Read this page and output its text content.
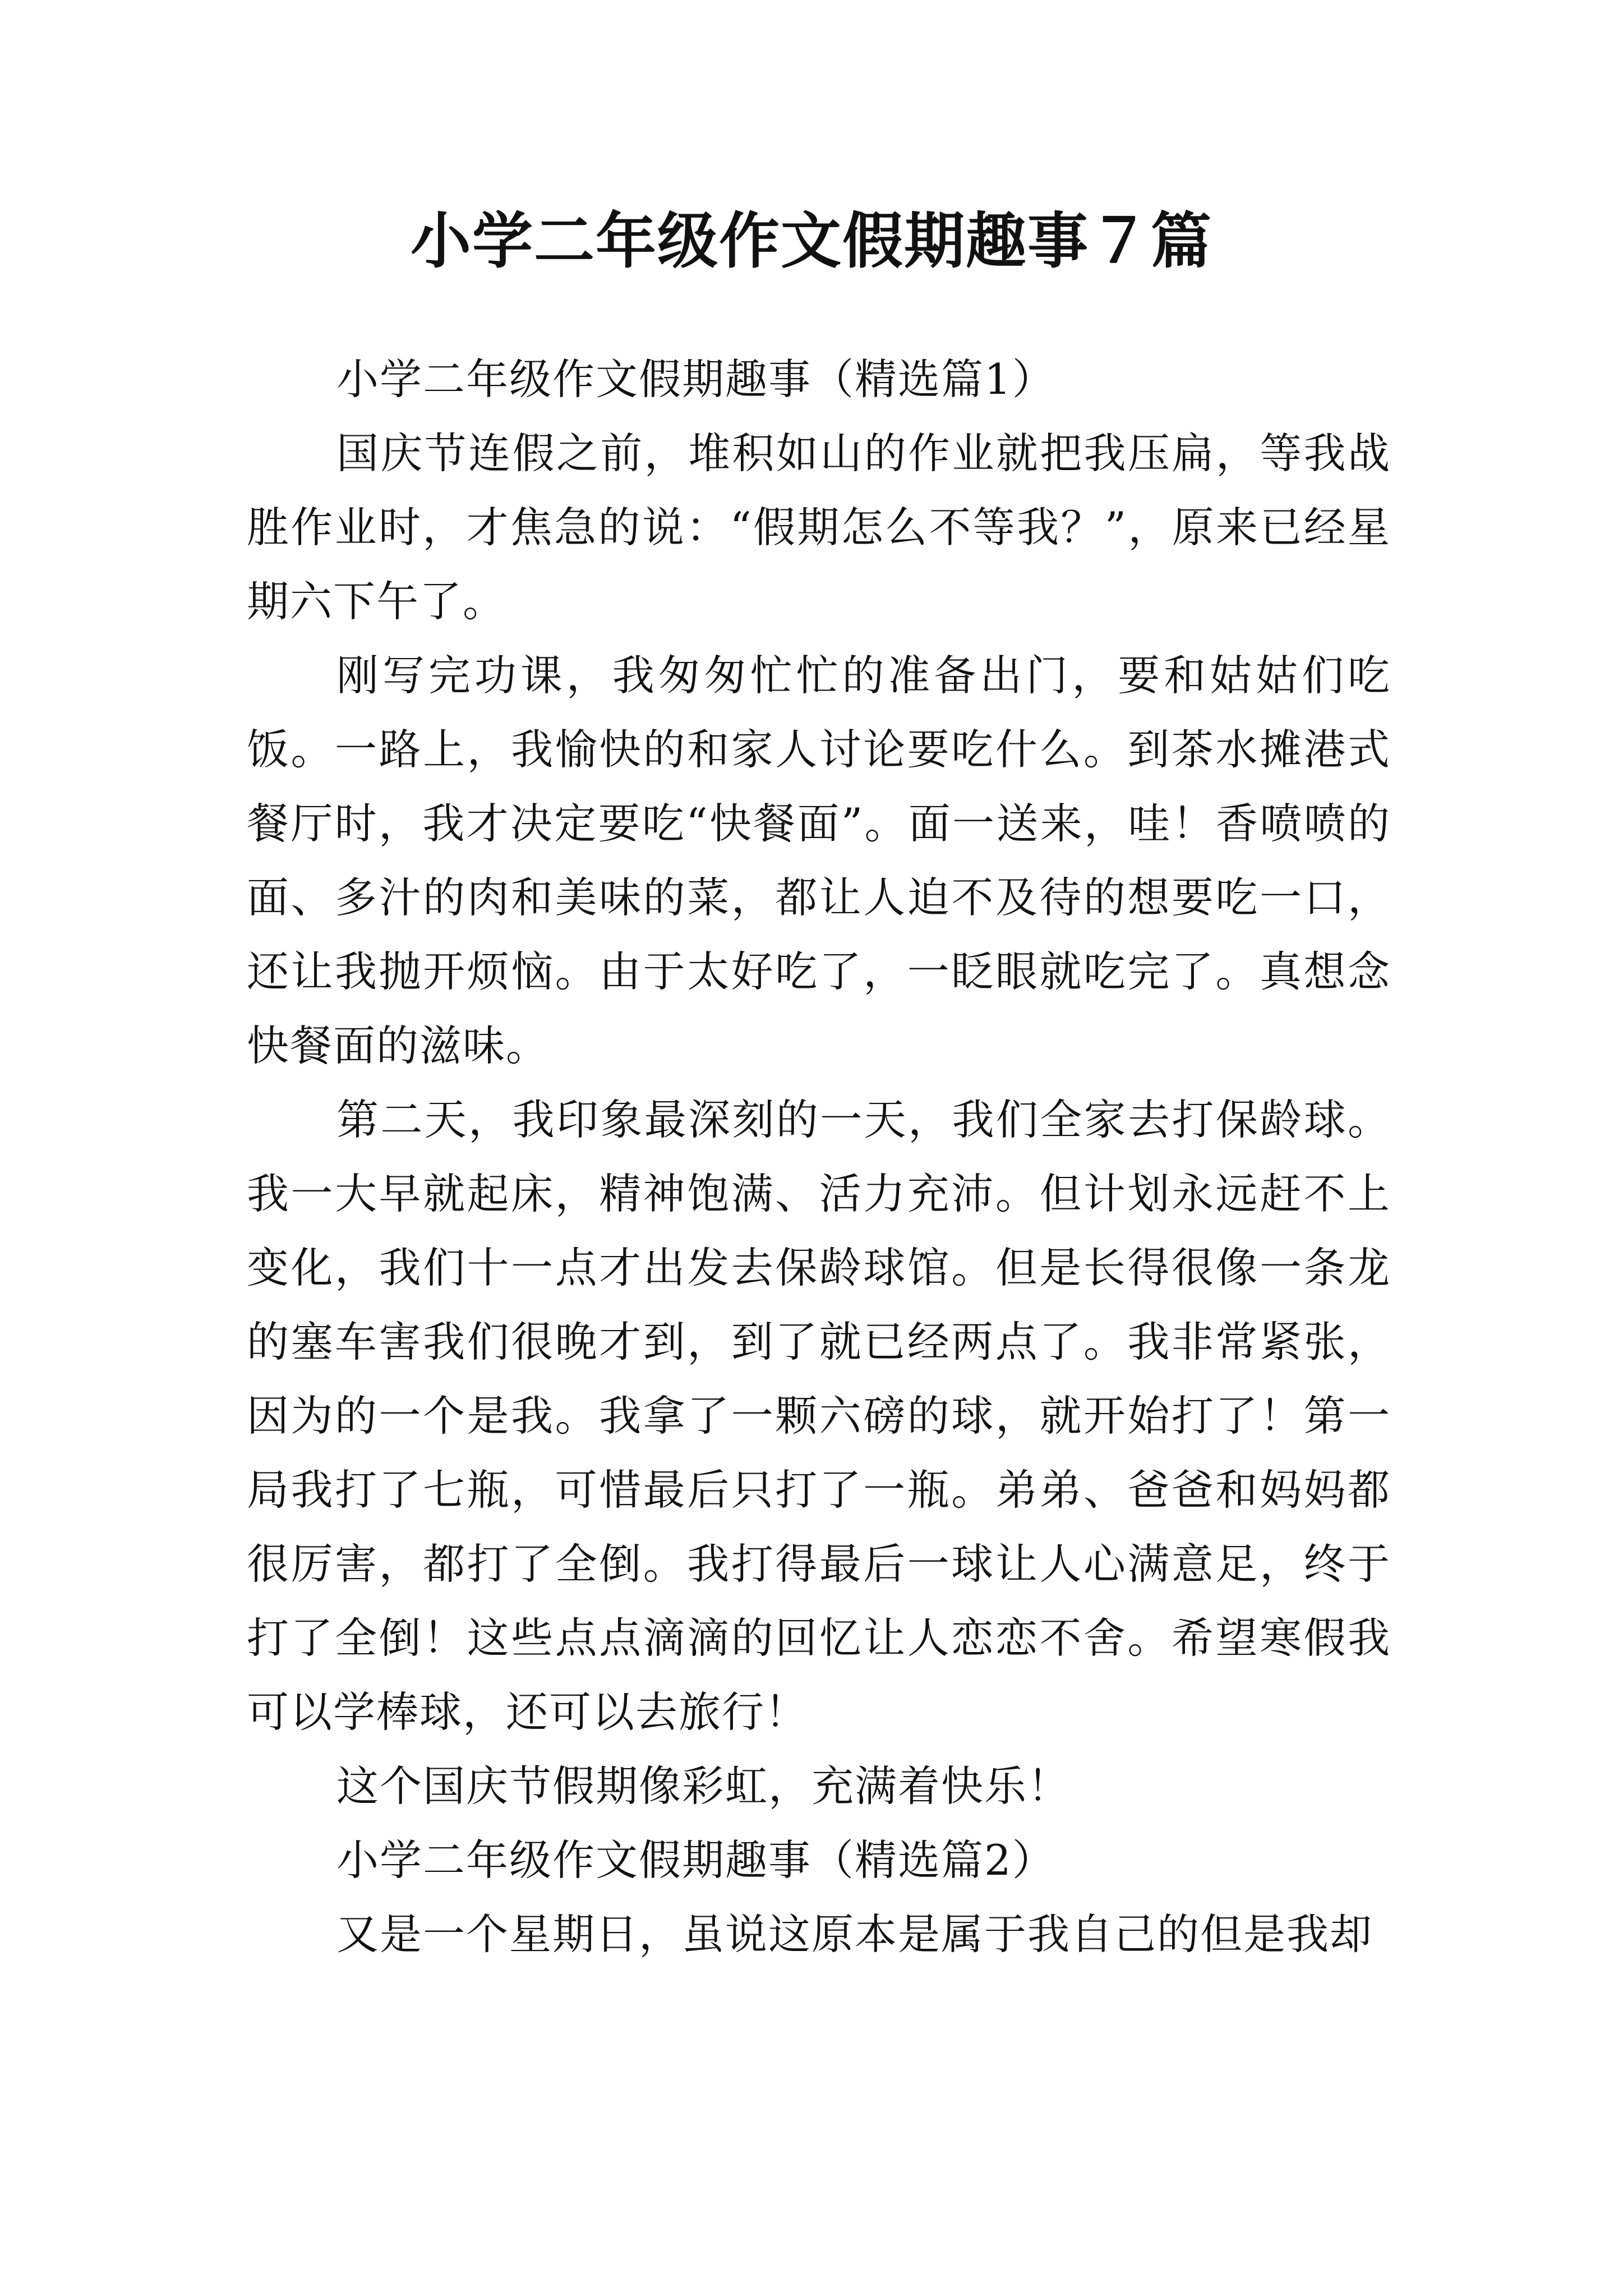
小学二年级作文假期趣事７篇

小学二年级作文假期趣事（精选篇1）

国庆节连假之前，堆积如山的作业就把我压扁，等我战胜作业时，才焦急的说：“假期怎么不等我？”，原来已经星期六下午了。

刚写完功课，我匆匆忙忙的准备出门，要和姑姑们吃饭。一路上，我愉快的和家人讨论要吃什么。到茶水摊港式餐厅时，我才决定要吃“快餐面”。面一送来，哇！香喷喷的面、多汁的肉和美味的菜，都让人迫不及待的想要吃一口，还让我抛开烦恼。由于太好吃了，一眨眼就吃完了。真想念快餐面的滋味。

第二天，我印象最深刻的一天，我们全家去打保龄球。我一大早就起床，精神饱满、活力充沛。但计划永远赶不上变化，我们十一点才出发去保龄球馆。但是长得很像一条龙的塞车害我们很晚才到，到了就已经两点了。我非常紧张，因为的一个是我。我拿了一颗六磅的球，就开始打了！第一局我打了七瓶，可惜最后只打了一瓶。弟弟、爸爸和妈妈都很厉害，都打了全倒。我打得最后一球让人心满意足，终于打了全倒！这些点点滴滴的回忆让人恋恋不舍。希望寒假我可以学棒球，还可以去旅行！

这个国庆节假期像彩虹，充满着快乐！

小学二年级作文假期趣事（精选篇2）

又是一个星期日，虽说这原本是属于我自己的但是我却
